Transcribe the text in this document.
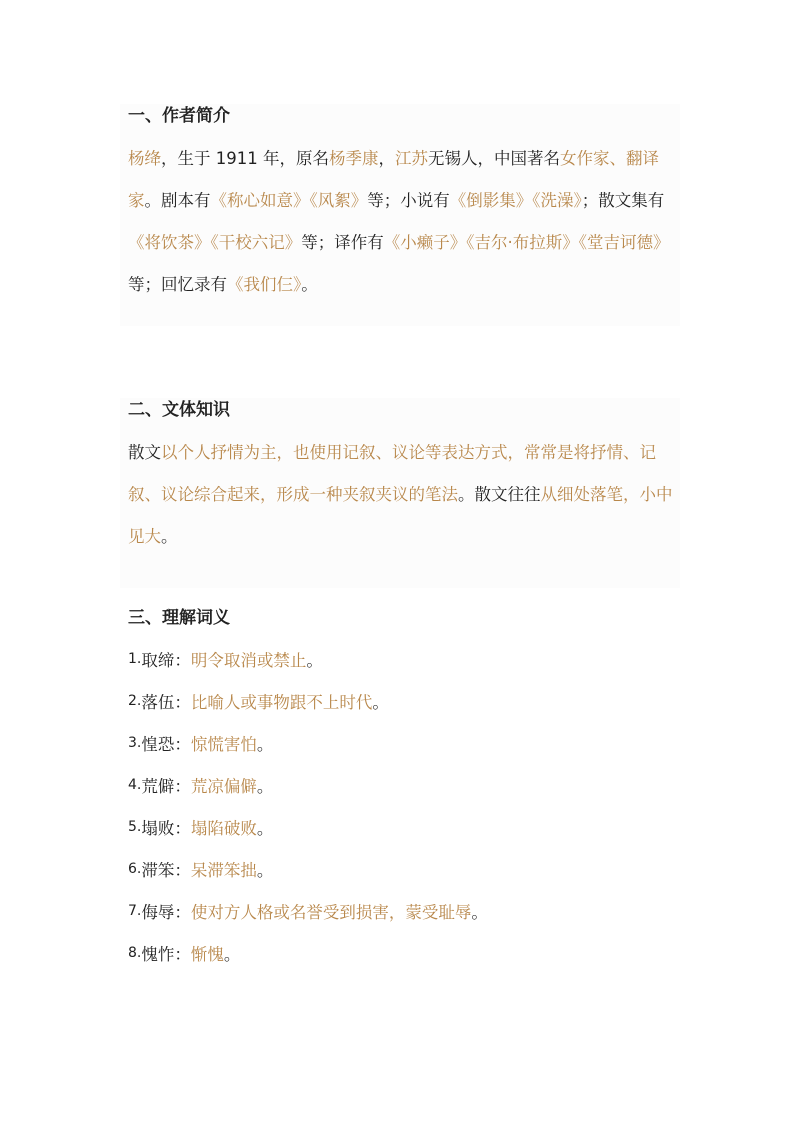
一、作者简介

杨绛，生于 1911 年，原名杨季康，江苏无锡人，中国著名女作家、翻译家。剧本有《称心如意》《风絮》等；小说有《倒影集》《洗澡》；散文集有《将饮茶》《干校六记》等；译作有《小癞子》《吉尔·布拉斯》《堂吉诃德》等；回忆录有《我们仨》。

二、文体知识

散文以个人抒情为主，也使用记叙、议论等表达方式，常常是将抒情、记叙、议论综合起来，形成一种夹叙夹议的笔法。散文往往从细处落笔，小中见大。

三、理解词义
1.取缔：明令取消或禁止。
2.落伍：比喻人或事物跟不上时代。
3.惶恐：惊慌害怕。
4.荒僻：荒凉偏僻。
5.塌败：塌陷破败。
6.滞笨：呆滞笨拙。
7.侮辱：使对方人格或名誉受到损害，蒙受耻辱。
8.愧怍：惭愧。
